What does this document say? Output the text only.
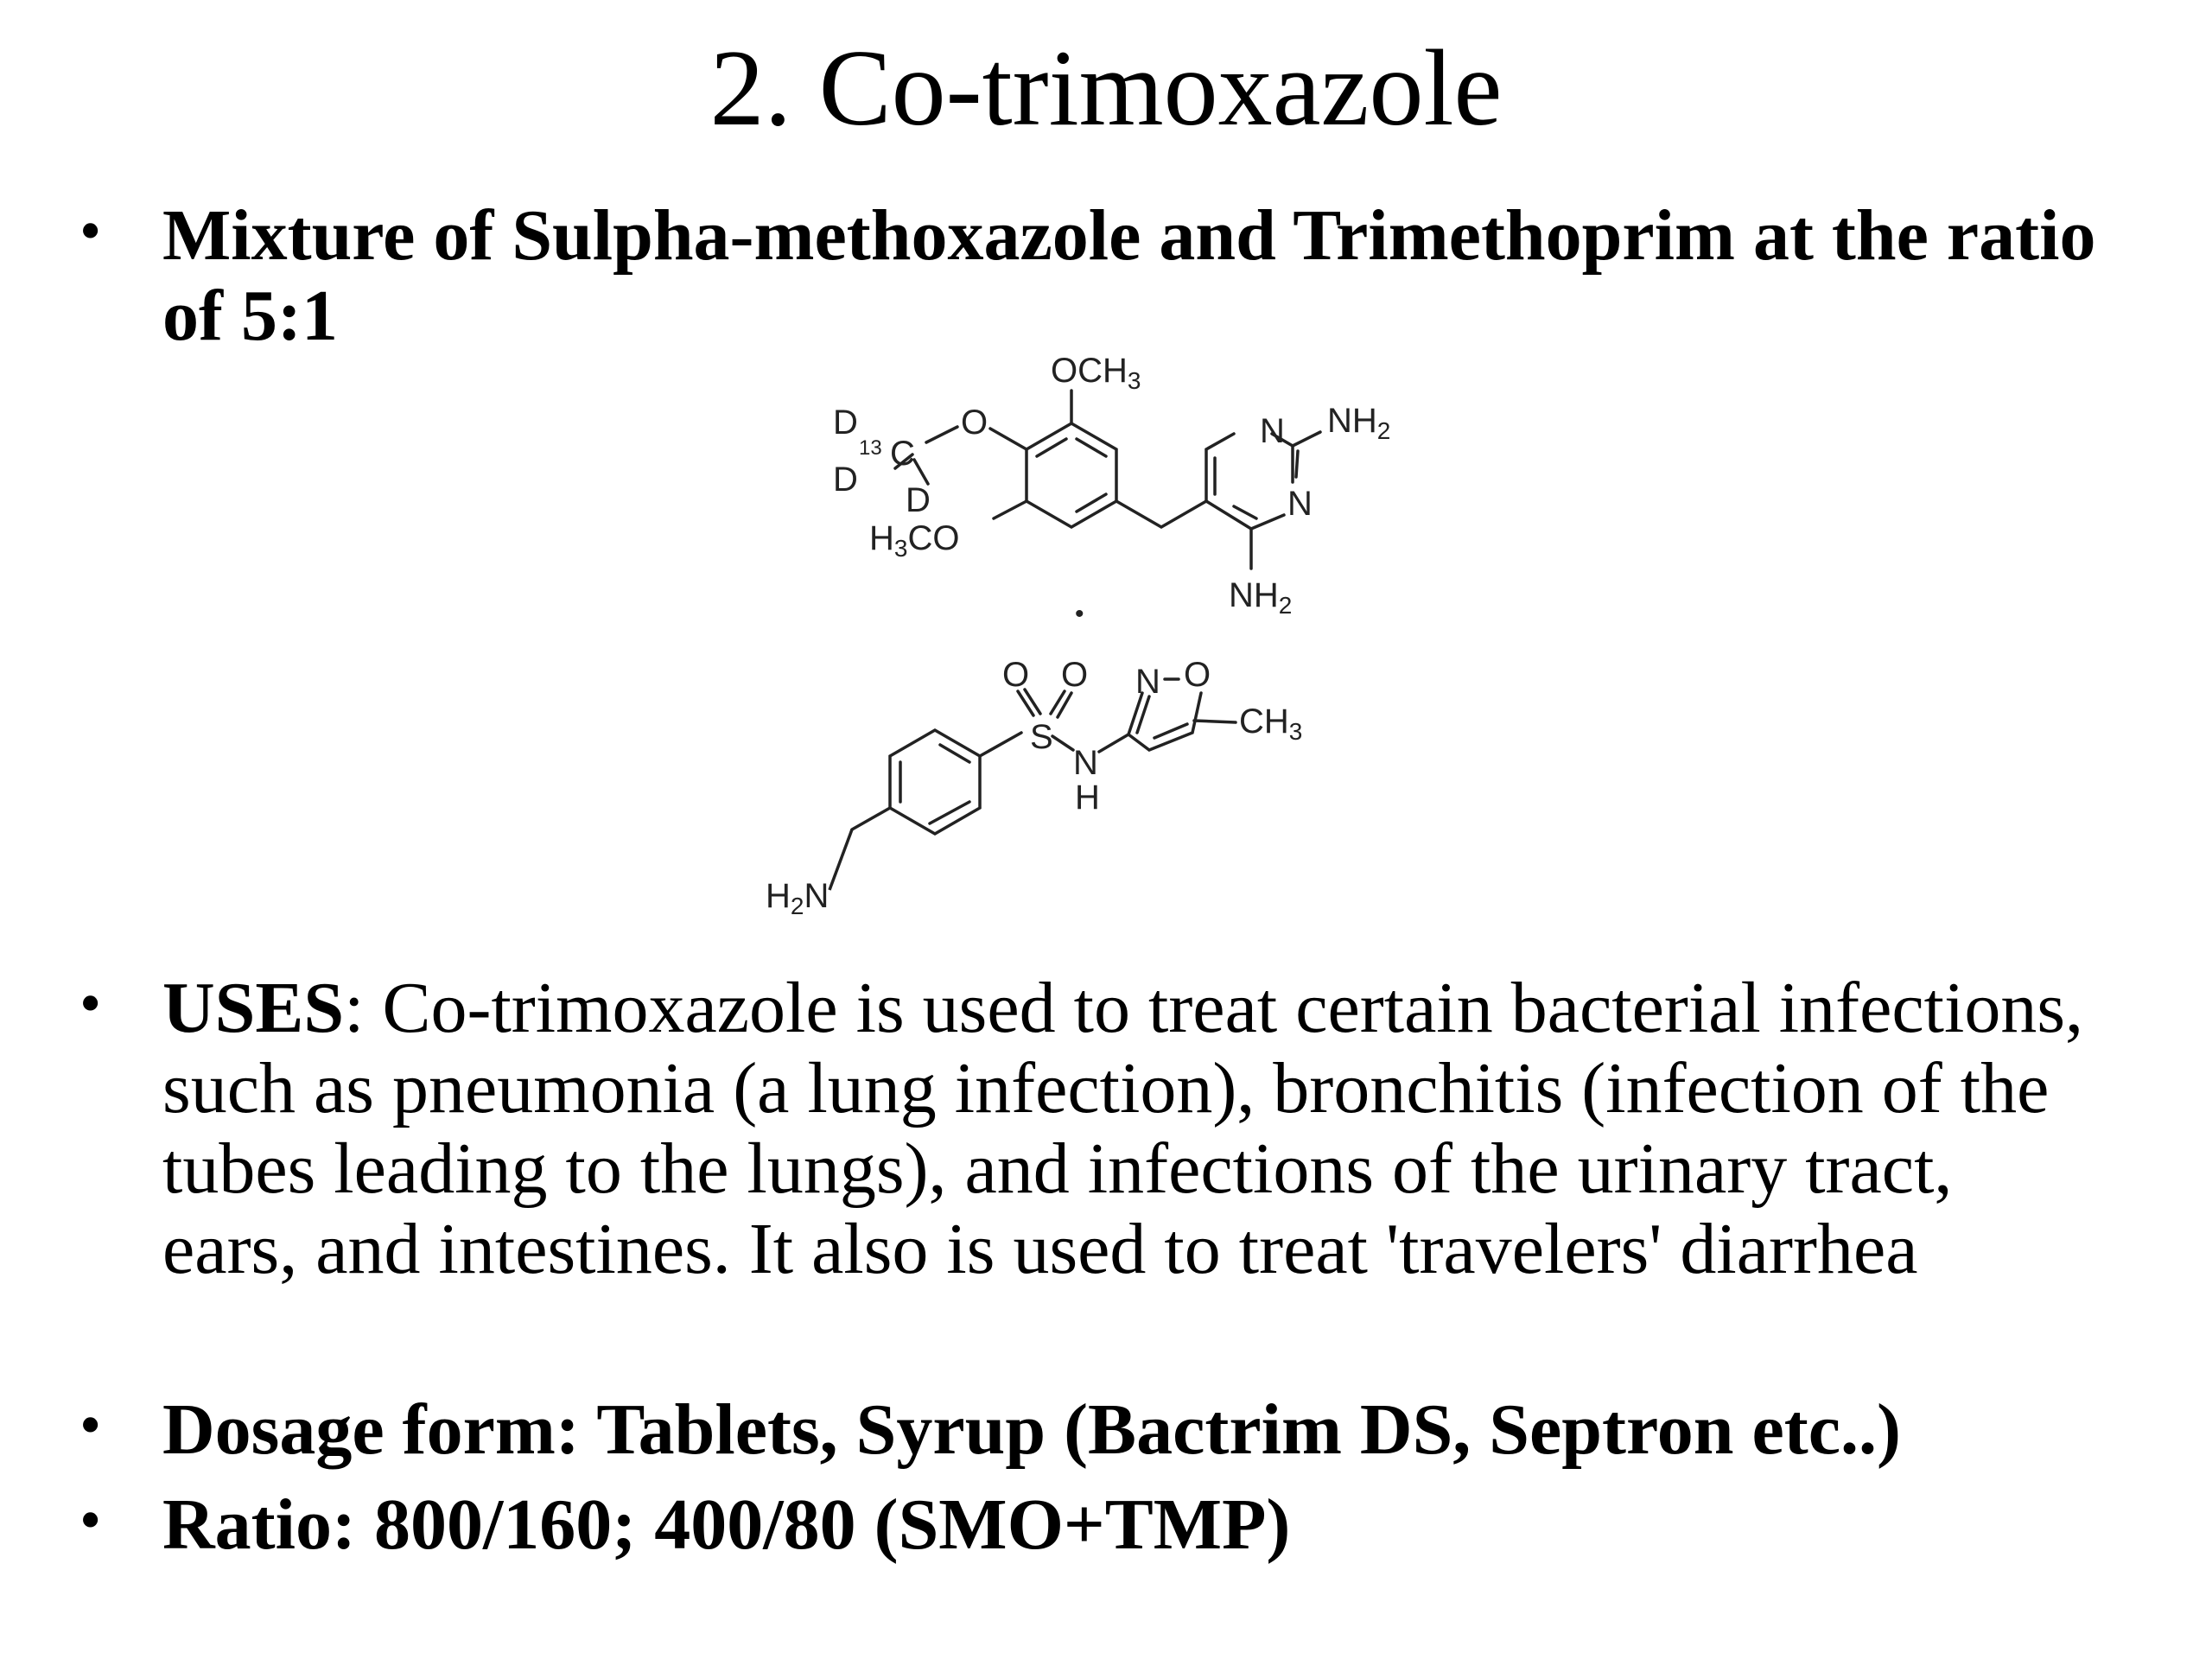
2. Co-trimoxazole
• Mixture of Sulpha-methoxazole and Trimethoprim at the ratio of 5:1
$OCH_3$
O
D
13 C
D
D
$H_3CO$
N
N
$NH_2$
$NH_2$
•
S
O O
N
H
N O
$CH_3$
$H_2N$
• USES: Co-trimoxazole is used to treat certain bacterial infections, such as pneumonia (a lung infection), bronchitis (infection of the tubes leading to the lungs), and infections of the urinary tract, ears, and intestines. It also is used to treat 'travelers' diarrhea
• Dosage form: Tablets, Syrup (Bactrim DS, Septron etc..)
• Ratio: 800/160; 400/80 (SMO+TMP)
